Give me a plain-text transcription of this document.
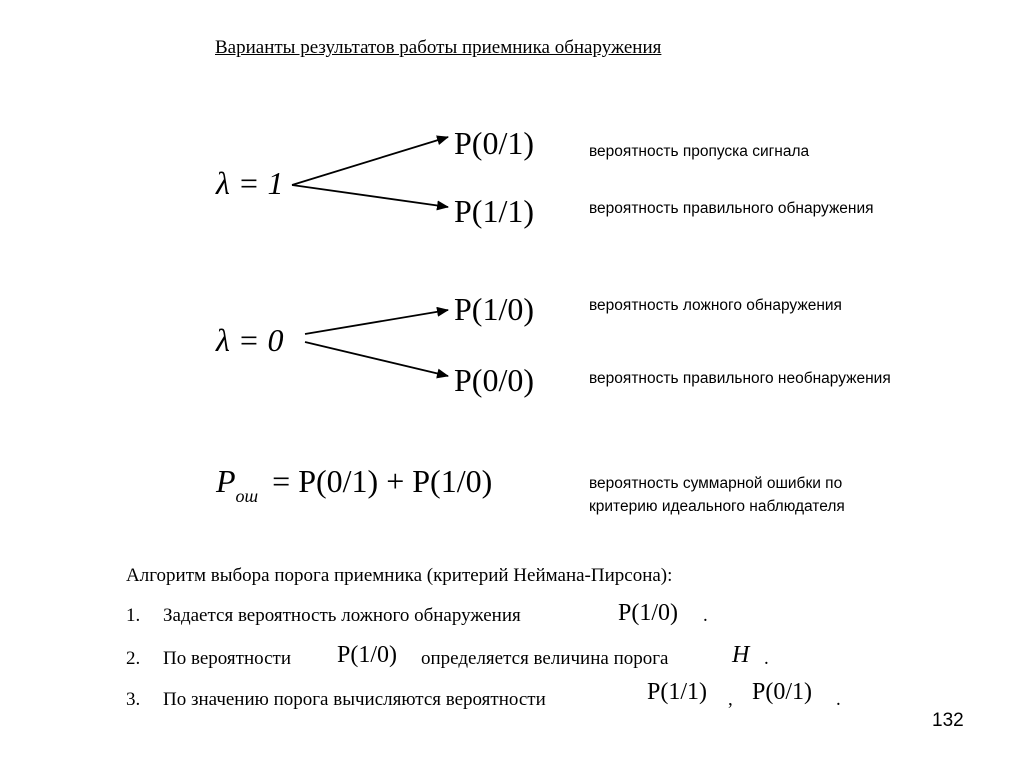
Варианты результатов работы приемника обнаружения
λ = 1
P(0/1)	вероятность пропуска сигнала
P(1/1)	вероятность правильного обнаружения
λ = 0
P(1/0)	вероятность ложного обнаружения
P(0/0)	вероятность правильного необнаружения
$P_{ош} = P(0/1) + P(1/0)$	вероятность суммарной ошибки по
критерию идеального наблюдателя
Алгоритм выбора порога приемника (критерий Неймана-Пирсона):
1. Задается вероятность ложного обнаружения	P(1/0) .
2. По вероятности P(1/0) определяется величина порога	H .
3. По значению порога вычисляются вероятности	P(1/1) , P(0/1) .
132
